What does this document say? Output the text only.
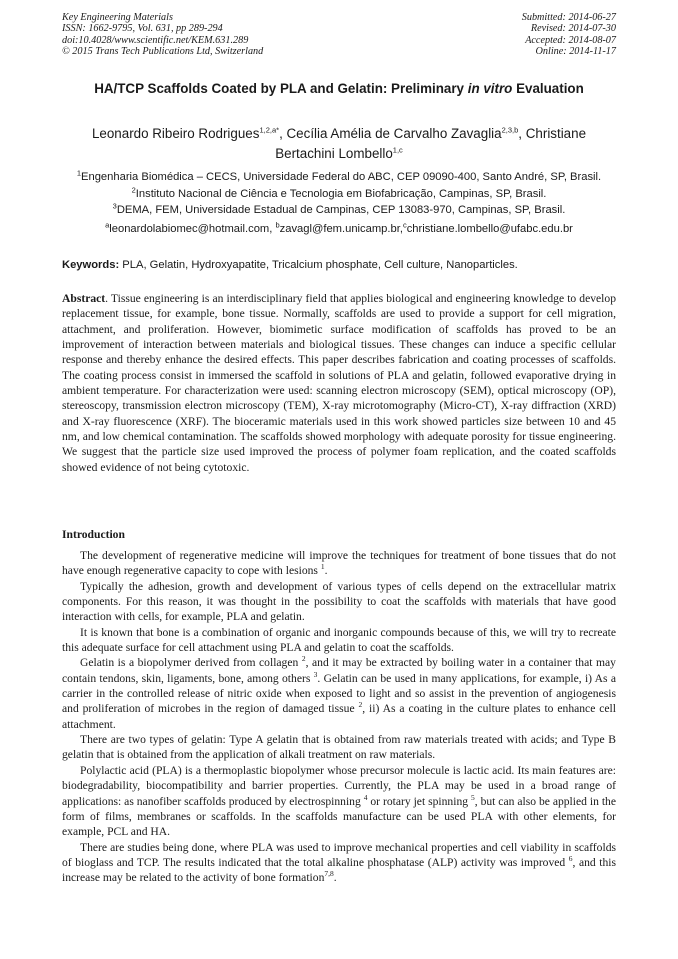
Key Engineering Materials
ISSN: 1662-9795, Vol. 631, pp 289-294
doi:10.4028/www.scientific.net/KEM.631.289
© 2015 Trans Tech Publications Ltd, Switzerland
Submitted: 2014-06-27
Revised: 2014-07-30
Accepted: 2014-08-07
Online: 2014-11-17
HA/TCP Scaffolds Coated by PLA and Gelatin: Preliminary in vitro Evaluation
Leonardo Ribeiro Rodrigues$^{1,2,a*}$, Cecília Amélia de Carvalho Zavaglia$^{2,3,b}$, Christiane Bertachini Lombello$^{1,c}$
$^1$Engenharia Biomédica – CECS, Universidade Federal do ABC, CEP 09090-400, Santo André, SP, Brasil. $^2$Instituto Nacional de Ciência e Tecnologia em Biofabricação, Campinas, SP, Brasil.
$^3$DEMA, FEM, Universidade Estadual de Campinas, CEP 13083-970, Campinas, SP, Brasil.
$^a$leonardolabiomec@hotmail.com, $^b$zavagl@fem.unicamp.br,$^c$christiane.lombello@ufabc.edu.br
Keywords: PLA, Gelatin, Hydroxyapatite, Tricalcium phosphate, Cell culture, Nanoparticles.

Abstract. Tissue engineering is an interdisciplinary field that applies biological and engineering knowledge to develop replacement tissue, for example, bone tissue. Normally, scaffolds are used to provide a support for cell migration, attachment, and proliferation. However, biomimetic surface modification of scaffolds has proved to be an improvement of interaction between materials and biological tissues. These changes can induce a specific cellular response and thereby enhance the desired effects. This paper describes fabrication and coating processes of scaffolds. The coating process consist in immersed the scaffold in solutions of PLA and gelatin, followed evaporative drying in ambient temperature. For characterization were used: scanning electron microscopy (SEM), optical microscopy (OP), stereoscopy, transmission electron microscopy (TEM), X-ray microtomography (Micro-CT), X-ray diffraction (XRD) and X-ray fluorescence (XRF). The bioceramic materials used in this work showed particles size between 10 and 45 nm, and low chemical contamination. The scaffolds showed morphology with adequate porosity for tissue engineering. We suggest that the particle size used improved the process of polymer foam replication, and the coated scaffolds showed evidence of not being cytotoxic.

Introduction

The development of regenerative medicine will improve the techniques for treatment of bone tissues that do not have enough regenerative capacity to cope with lesions $^1$.

Typically the adhesion, growth and development of various types of cells depend on the extracellular matrix components. For this reason, it was thought in the possibility to coat the scaffolds with materials that have good interaction with cells, for example, PLA and gelatin.

It is known that bone is a combination of organic and inorganic compounds because of this, we will try to recreate this adequate surface for cell attachment using PLA and gelatin to coat the scaffolds.

Gelatin is a biopolymer derived from collagen $^2$, and it may be extracted by boiling water in a container that may contain tendons, skin, ligaments, bone, among others $^3$. Gelatin can be used in many applications, for example, i) As a carrier in the controlled release of nitric oxide when exposed to light and so assist in the prevention of angiogenesis and proliferation of microbes in the region of damaged tissue $^2$, ii) As a coating in the culture plates to enhance cell attachment.

There are two types of gelatin: Type A gelatin that is obtained from raw materials treated with acids; and Type B gelatin that is obtained from the application of alkali treatment on raw materials.

Polylactic acid (PLA) is a thermoplastic biopolymer whose precursor molecule is lactic acid. Its main features are: biodegradability, biocompatibility and barrier properties. Currently, the PLA may be used in a broad range of applications: as nanofiber scaffolds produced by electrospinning $^4$ or rotary jet spinning $^5$, but can also be applied in the form of films, membranes or scaffolds. In the scaffolds manufacture can be used PLA with other elements, for example, PCL and HA.

There are studies being done, where PLA was used to improve mechanical properties and cell viability in scaffolds of bioglass and TCP. The results indicated that the total alkaline phosphatase (ALP) activity was improved $^6$, and this increase may be related to the activity of bone formation$^{7,8}$.
